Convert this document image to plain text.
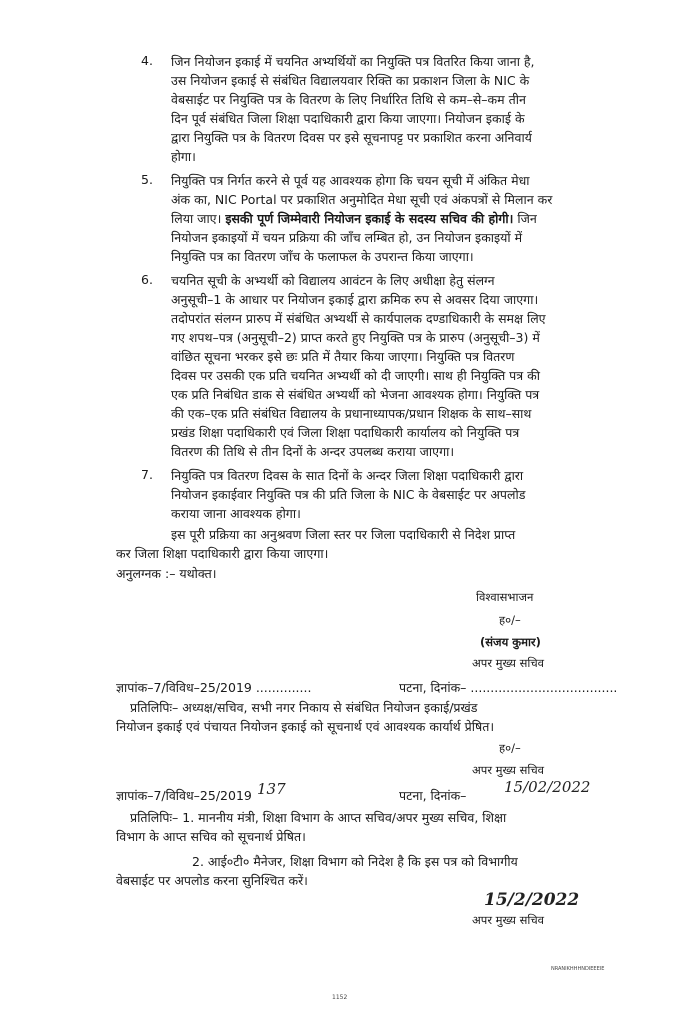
4. जिन नियोजन इकाई में चयनित अभ्यर्थियों का नियुक्ति पत्र वितरित किया जाना है,
उस नियोजन इकाई से संबंधित विद्यालयवार रिक्ति का प्रकाशन जिला के NIC के
वेबसाईट पर नियुक्ति पत्र के वितरण के लिए निर्धारित तिथि से कम–से–कम तीन
दिन पूर्व संबंधित जिला शिक्षा पदाधिकारी द्वारा किया जाएगा। नियोजन इकाई के
द्वारा नियुक्ति पत्र के वितरण दिवस पर इसे सूचनापट्ट पर प्रकाशित करना अनिवार्य
होगा।
5. नियुक्ति पत्र निर्गत करने से पूर्व यह आवश्यक होगा कि चयन सूची में अंकित मेधा
अंक का, NIC Portal पर प्रकाशित अनुमोदित मेधा सूची एवं अंकपत्रों से मिलान कर
लिया जाए। इसकी पूर्ण जिम्मेवारी नियोजन इकाई के सदस्य सचिव की होगी। जिन
नियोजन इकाइयों में चयन प्रक्रिया की जाँच लम्बित हो, उन नियोजन इकाइयों में
नियुक्ति पत्र का वितरण जाँच के फलाफल के उपरान्त किया जाएगा।
6. चयनित सूची के अभ्यर्थी को विद्यालय आवंटन के लिए अधीक्षा हेतु संलग्न
अनुसूची–1 के आधार पर नियोजन इकाई द्वारा क्रमिक रुप से अवसर दिया जाएगा।
तदोपरांत संलग्न प्रारुप में संबंधित अभ्यर्थी से कार्यपालक दण्डाधिकारी के समक्ष लिए
गए शपथ–पत्र (अनुसूची–2) प्राप्त करते हुए नियुक्ति पत्र के प्रारुप (अनुसूची–3) में
वांछित सूचना भरकर इसे छः प्रति में तैयार किया जाएगा। नियुक्ति पत्र वितरण
दिवस पर उसकी एक प्रति चयनित अभ्यर्थी को दी जाएगी। साथ ही नियुक्ति पत्र की
एक प्रति निबंधित डाक से संबंधित अभ्यर्थी को भेजना आवश्यक होगा। नियुक्ति पत्र
की एक–एक प्रति संबंधित विद्यालय के प्रधानाध्यापक/प्रधान शिक्षक के साथ–साथ
प्रखंड शिक्षा पदाधिकारी एवं जिला शिक्षा पदाधिकारी कार्यालय को नियुक्ति पत्र
वितरण की तिथि से तीन दिनों के अन्दर उपलब्ध कराया जाएगा।
7. नियुक्ति पत्र वितरण दिवस के सात दिनों के अन्दर जिला शिक्षा पदाधिकारी द्वारा
नियोजन इकाईवार नियुक्ति पत्र की प्रति जिला के NIC के वेबसाईट पर अपलोड
कराया जाना आवश्यक होगा।
इस पूरी प्रक्रिया का अनुश्रवण जिला स्तर पर जिला पदाधिकारी से निदेश प्राप्त
कर जिला शिक्षा पदाधिकारी द्वारा किया जाएगा।
अनुलग्नक :– यथोक्त।
विश्वासभाजन
ह०/–
(संजय कुमार)
अपर मुख्य सचिव
ज्ञापांक–7/विविध–25/2019 ..............	पटना, दिनांक– .....................................
प्रतिलिपिः– अध्यक्ष/सचिव, सभी नगर निकाय से संबंधित नियोजन इकाई/प्रखंड
नियोजन इकाई एवं पंचायत नियोजन इकाई को सूचनार्थ एवं आवश्यक कार्यार्थ प्रेषित।
ह०/–
अपर मुख्य सचिव
ज्ञापांक–7/विविध–25/2019 137	पटना, दिनांक–	15/02/2022
प्रतिलिपिः– 1. माननीय मंत्री, शिक्षा विभाग के आप्त सचिव/अपर मुख्य सचिव, शिक्षा
विभाग के आप्त सचिव को सूचनार्थ प्रेषित।
2. आई०टी० मैनेजर, शिक्षा विभाग को निदेश है कि इस पत्र को विभागीय
वेबसाईट पर अपलोड करना सुनिश्चित करें।
15/2/2022
अपर मुख्य सचिव
NRANIKHHHNDIEEEIE
1152
